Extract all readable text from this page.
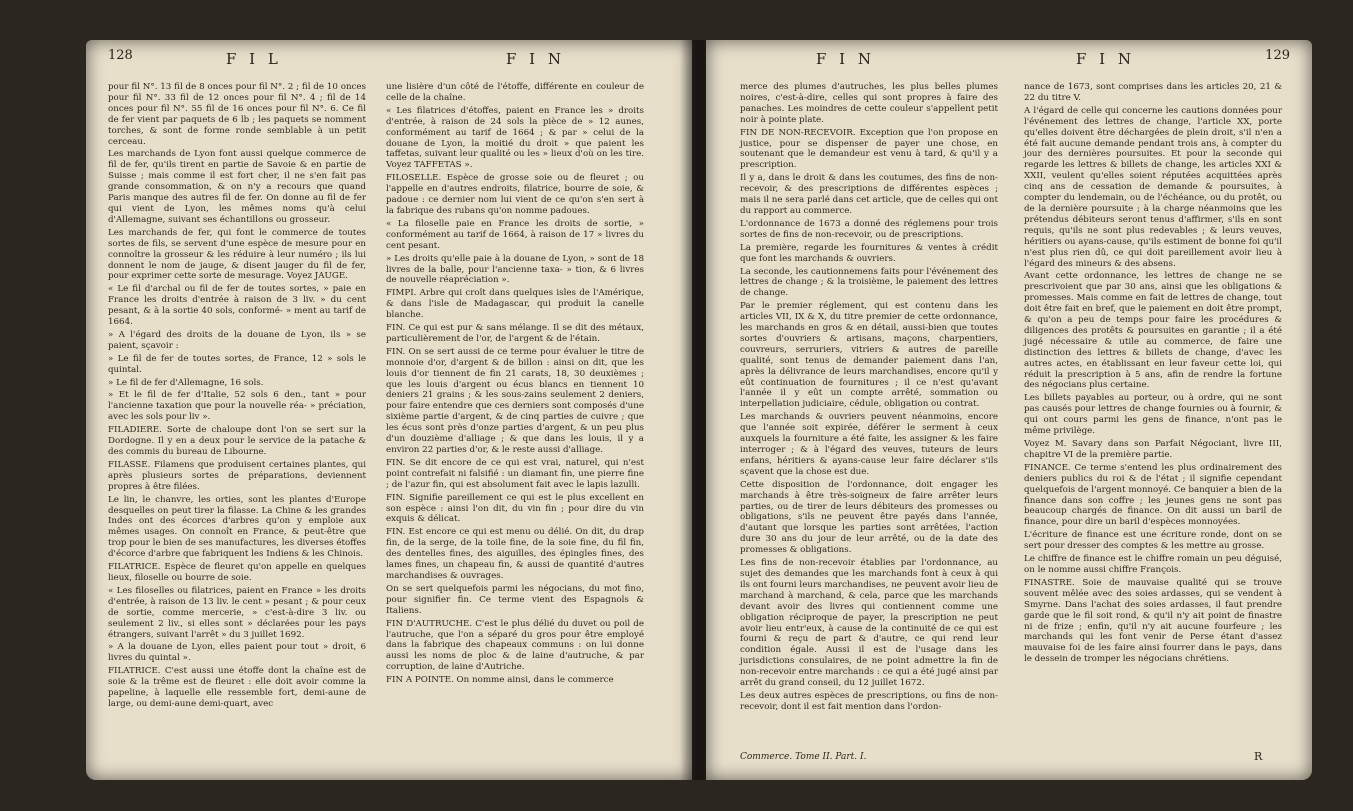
128	F I L	F I N

pour fil N°. 13 fil de 8 onces pour fil N°. 2 ; fil de 10 onces pour fil N°. 33 fil de 12 onces pour fil N°. 4 ; fil de 14 onces pour fil N°. 55 fil de 16 onces pour fil N°. 6. Ce fil de fer vient par paquets de 6 lb ; les paquets se nomment torches, & sont de forme ronde semblable à un petit cerceau.

Les marchands de Lyon font aussi quelque commerce de fil de fer, qu'ils tirent en partie de Savoie & en partie de Suisse ; mais comme il est fort cher, il ne s'en fait pas grande consommation, & on n'y a recours que quand Paris manque des autres fil de fer. On donne au fil de fer qui vient de Lyon, les mêmes noms qu'à celui d'Allemagne, suivant ses échantillons ou grosseur.

Les marchands de fer, qui font le commerce de toutes sortes de fils, se servent d'une espèce de mesure pour en connoître la grosseur & les réduire à leur numéro ; ils lui donnent le nom de jauge, & disent jauger du fil de fer, pour exprimer cette sorte de mesurage. Voyez JAUGE.

« Le fil d'archal ou fil de fer de toutes sortes, » paie en France les droits d'entrée à raison de 3 liv. » du cent pesant, & à la sortie 40 sols, conformé- » ment au tarif de 1664.

» A l'égard des droits de la douane de Lyon, ils » se paient, sçavoir :

» Le fil de fer de toutes sortes, de France, 12 » sols le quintal.

» Le fil de fer d'Allemagne, 16 sols.

» Et le fil de fer d'Italie, 52 sols 6 den., tant » pour l'ancienne taxation que pour la nouvelle réa- » préciation, avec les sols pour liv ».

FILADIERE. Sorte de chaloupe dont l'on se sert sur la Dordogne. Il y en a deux pour le service de la patache & des commis du bureau de Libourne.

FILASSE. Filamens que produisent certaines plantes, qui après plusieurs sortes de préparations, deviennent propres à être filées.

Le lin, le chanvre, les orties, sont les plantes d'Europe desquelles on peut tirer la filasse. La Chine & les grandes Indes ont des écorces d'arbres qu'on y emploie aux mêmes usages. On connoît en France, & peut-être que trop pour le bien de ses manufactures, les diverses étoffes d'écorce d'arbre que fabriquent les Indiens & les Chinois.

FILATRICE. Espèce de fleuret qu'on appelle en quelques lieux, filoselle ou bourre de soie.

« Les filoselles ou filatrices, paient en France » les droits d'entrée, à raison de 13 liv. le cent » pesant ; & pour ceux de sortie, comme mercerie, » c'est-à-dire 3 liv. ou seulement 2 liv., si elles sont » déclarées pour les pays étrangers, suivant l'arrêt » du 3 juillet 1692.

» A la douane de Lyon, elles paient pour tout » droit, 6 livres du quintal ».

FILATRICE. C'est aussi une étoffe dont la chaîne est de soie & la trême est de fleuret : elle doit avoir comme la papeline, à laquelle elle ressemble fort, demi-aune de large, ou demi-aune demi-quart, avec

une lisière d'un côté de l'étoffe, différente en couleur de celle de la chaîne.

« Les filatrices d'étoffes, paient en France les » droits d'entrée, à raison de 24 sols la pièce de » 12 aunes, conformément au tarif de 1664 ; & par » celui de la douane de Lyon, la moitié du droit » que paient les taffetas, suivant leur qualité ou les » lieux d'où on les tire. Voyez TAFFETAS ».

FILOSELLE. Espèce de grosse soie ou de fleuret ; ou l'appelle en d'autres endroits, filatrice, bourre de soie, & padoue : ce dernier nom lui vient de ce qu'on s'en sert à la fabrique des rubans qu'on nomme padoues.

« La filoselle paie en France les droits de sortie, » conformément au tarif de 1664, à raison de 17 » livres du cent pesant.

» Les droits qu'elle paie à la douane de Lyon, » sont de 18 livres de la balle, pour l'ancienne taxa- » tion, & 6 livres de nouvelle réapréciation ».

FIMPI. Arbre qui croît dans quelques isles de l'Amérique, & dans l'isle de Madagascar, qui produit la canelle blanche.

FIN. Ce qui est pur & sans mélange. Il se dit des métaux, particulièrement de l'or, de l'argent & de l'étain.

FIN. On se sert aussi de ce terme pour évaluer le titre de monnoie d'or, d'argent & de billon : ainsi on dit, que les louis d'or tiennent de fin 21 carats, 18, 30 deuxièmes ; que les louis d'argent ou écus blancs en tiennent 10 deniers 21 grains ; & les sous-zains seulement 2 deniers, pour faire entendre que ces derniers sont composés d'une sixième partie d'argent, & de cinq parties de cuivre ; que les écus sont près d'onze parties d'argent, & un peu plus d'un douzième d'alliage ; & que dans les louis, il y a environ 22 parties d'or, & le reste aussi d'alliage.

FIN. Se dit encore de ce qui est vrai, naturel, qui n'est point contrefait ni falsifié : un diamant fin, une pierre fine ; de l'azur fin, qui est absolument fait avec le lapis lazulli.

FIN. Signifie pareillement ce qui est le plus excellent en son espèce : ainsi l'on dit, du vin fin ; pour dire du vin exquis & délicat.

FIN. Est encore ce qui est menu ou délié. On dit, du drap fin, de la serge, de la toile fine, de la soie fine, du fil fin, des dentelles fines, des aiguilles, des épingles fines, des lames fines, un chapeau fin, & aussi de quantité d'autres marchandises & ouvrages.

On se sert quelquefois parmi les négocians, du mot fino, pour signifier fin. Ce terme vient des Espagnols & Italiens.

FIN D'AUTRUCHE. C'est le plus délié du duvet ou poil de l'autruche, que l'on a séparé du gros pour être employé dans la fabrique des chapeaux communs : on lui donne aussi les noms de ploc & de laine d'autruche, & par corruption, de laine d'Autriche.

FIN A POINTE. On nomme ainsi, dans le commerce

F I N	F I N	129

merce des plumes d'autruches, les plus belles plumes noires, c'est-à-dire, celles qui sont propres à faire des panaches. Les moindres de cette couleur s'appellent petit noir à pointe plate.

FIN DE NON-RECEVOIR. Exception que l'on propose en justice, pour se dispenser de payer une chose, en soutenant que le demandeur est venu à tard, & qu'il y a prescription.

Il y a, dans le droit & dans les coutumes, des fins de non-recevoir, & des prescriptions de différentes espèces ; mais il ne sera parlé dans cet article, que de celles qui ont du rapport au commerce.

L'ordonnance de 1673 a donné des réglemens pour trois sortes de fins de non-recevoir, ou de prescriptions.

La première, regarde les fournitures & ventes à crédit que font les marchands & ouvriers.

La seconde, les cautionnemens faits pour l'événement des lettres de change ; & la troisième, le paiement des lettres de change.

Par le premier réglement, qui est contenu dans les articles VII, IX & X, du titre premier de cette ordonnance, les marchands en gros & en détail, aussi-bien que toutes sortes d'ouvriers & artisans, maçons, charpentiers, couvreurs, serruriers, vitriers & autres de pareille qualité, sont tenus de demander paiement dans l'an, après la délivrance de leurs marchandises, encore qu'il y eût continuation de fournitures ; il ce n'est qu'avant l'année il y eût un compte arrêté, sommation ou interpellation judiciaire, cédule, obligation ou contrat.

Les marchands & ouvriers peuvent néanmoins, encore que l'année soit expirée, déférer le serment à ceux auxquels la fourniture a été faite, les assigner & les faire interroger ; & à l'égard des veuves, tuteurs de leurs enfans, héritiers & ayans-cause leur faire déclarer s'ils sçavent que la chose est due.

Cette disposition de l'ordonnance, doit engager les marchands à être très-soigneux de faire arrêter leurs parties, ou de tirer de leurs débiteurs des promesses ou obligations, s'ils ne peuvent être payés dans l'année, d'autant que lorsque les parties sont arrêtées, l'action dure 30 ans du jour de leur arrêté, ou de la date des promesses & obligations.

Les fins de non-recevoir établies par l'ordonnance, au sujet des demandes que les marchands font à ceux à qui ils ont fourni leurs marchandises, ne peuvent avoir lieu de marchand à marchand, & cela, parce que les marchands devant avoir des livres qui contiennent comme une obligation réciproque de payer, la prescription ne peut avoir lieu entr'eux, à cause de la continuité de ce qui est fourni & reçu de part & d'autre, ce qui rend leur condition égale. Aussi il est de l'usage dans les jurisdictions consulaires, de ne point admettre la fin de non-recevoir entre marchands : ce qui a été jugé ainsi par arrêt du grand conseil, du 12 juillet 1672.

Les deux autres espèces de prescriptions, ou fins de non-recevoir, dont il est fait mention dans l'ordon-

nance de 1673, sont comprises dans les articles 20, 21 & 22 du titre V.

A l'égard de celle qui concerne les cautions données pour l'événement des lettres de change, l'article XX, porte qu'elles doivent être déchargées de plein droit, s'il n'en a été fait aucune demande pendant trois ans, à compter du jour des dernières poursuites. Et pour la seconde qui regarde les lettres & billets de change, les articles XXI & XXII, veulent qu'elles soient réputées acquittées après cinq ans de cessation de demande & poursuites, à compter du lendemain, ou de l'échéance, ou du protêt, ou de la dernière poursuite ; à la charge néanmoins que les prétendus débiteurs seront tenus d'affirmer, s'ils en sont requis, qu'ils ne sont plus redevables ; & leurs veuves, héritiers ou ayans-cause, qu'ils estiment de bonne foi qu'il n'est plus rien dû, ce qui doit pareillement avoir lieu à l'égard des mineurs & des absens.

Avant cette ordonnance, les lettres de change ne se prescrivoient que par 30 ans, ainsi que les obligations & promesses. Mais comme en fait de lettres de change, tout doit être fait en bref, que le paiement en doit être prompt, & qu'on a peu de temps pour faire les procédures & diligences des protêts & poursuites en garantie ; il a été jugé nécessaire & utile au commerce, de faire une distinction des lettres & billets de change, d'avec les autres actes, en établissant en leur faveur cette loi, qui réduit la prescription à 5 ans, afin de rendre la fortune des négocians plus certaine.

Les billets payables au porteur, ou à ordre, qui ne sont pas causés pour lettres de change fournies ou à fournir, & qui ont cours parmi les gens de finance, n'ont pas le même privilège.

Voyez M. Savary dans son Parfait Négociant, livre III, chapitre VI de la première partie.

FINANCE. Ce terme s'entend les plus ordinairement des deniers publics du roi & de l'état ; il signifie cependant quelquefois de l'argent monnoyé. Ce banquier a bien de la finance dans son coffre ; les jeunes gens ne sont pas beaucoup chargés de finance. On dit aussi un baril de finance, pour dire un baril d'espèces monnoyées.

L'écriture de finance est une écriture ronde, dont on se sert pour dresser des comptes & les mettre au grosse.

Le chiffre de finance est le chiffre romain un peu déguisé, on le nomme aussi chiffre François.

FINASTRE. Soie de mauvaise qualité qui se trouve souvent mêlée avec des soies ardasses, qui se vendent à Smyrne. Dans l'achat des soies ardasses, il faut prendre garde que le fil soit rond, & qu'il n'y ait point de finastre ni de frize ; enfin, qu'il n'y ait aucune fourfeure ; les marchands qui les font venir de Perse étant d'assez mauvaise foi de les faire ainsi fourrer dans le pays, dans le dessein de tromper les négocians chrétiens.

Commerce. Tome II. Part. I.	R
